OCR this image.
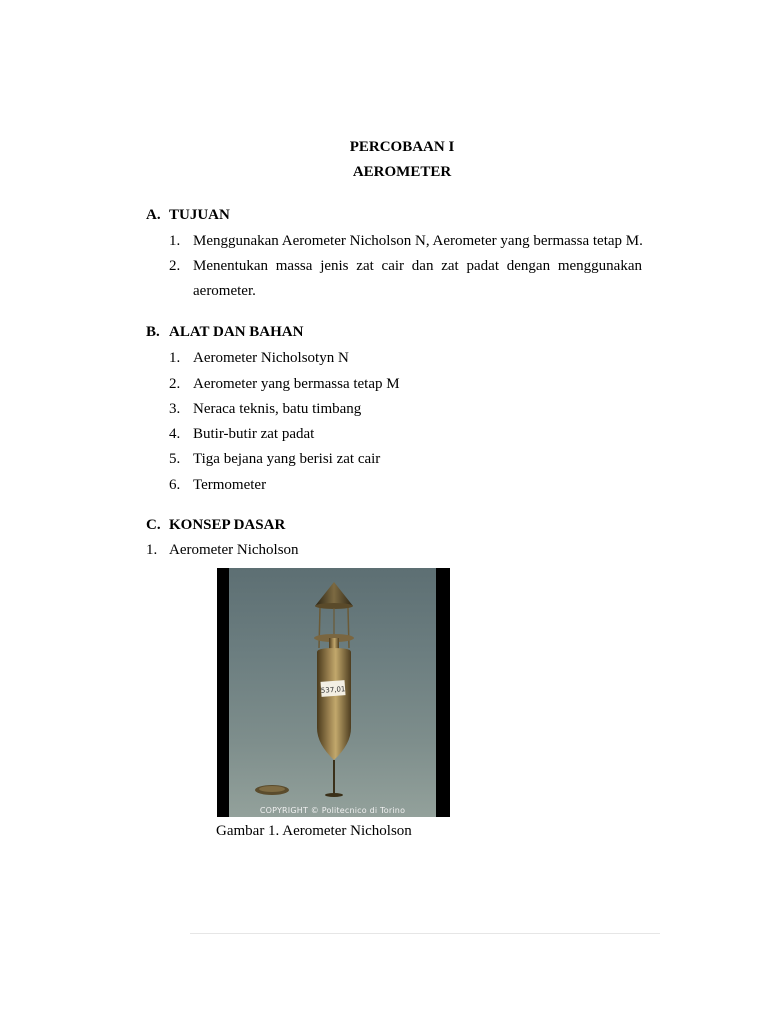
PERCOBAAN I
AEROMETER
A. TUJUAN
1. Menggunakan Aerometer Nicholson N, Aerometer yang bermassa tetap M.
2. Menentukan massa jenis zat cair dan zat padat dengan menggunakan
aerometer.
B. ALAT DAN BAHAN
1. Aerometer Nicholsotyn N
2. Aerometer yang bermassa tetap M
3. Neraca teknis, batu timbang
4. Butir-butir zat padat
5. Tiga bejana yang berisi zat cair
6. Termometer
C. KONSEP DASAR
1. Aerometer Nicholson
537,01
COPYRIGHT © Politecnico di Torino
Gambar 1. Aerometer Nicholson
